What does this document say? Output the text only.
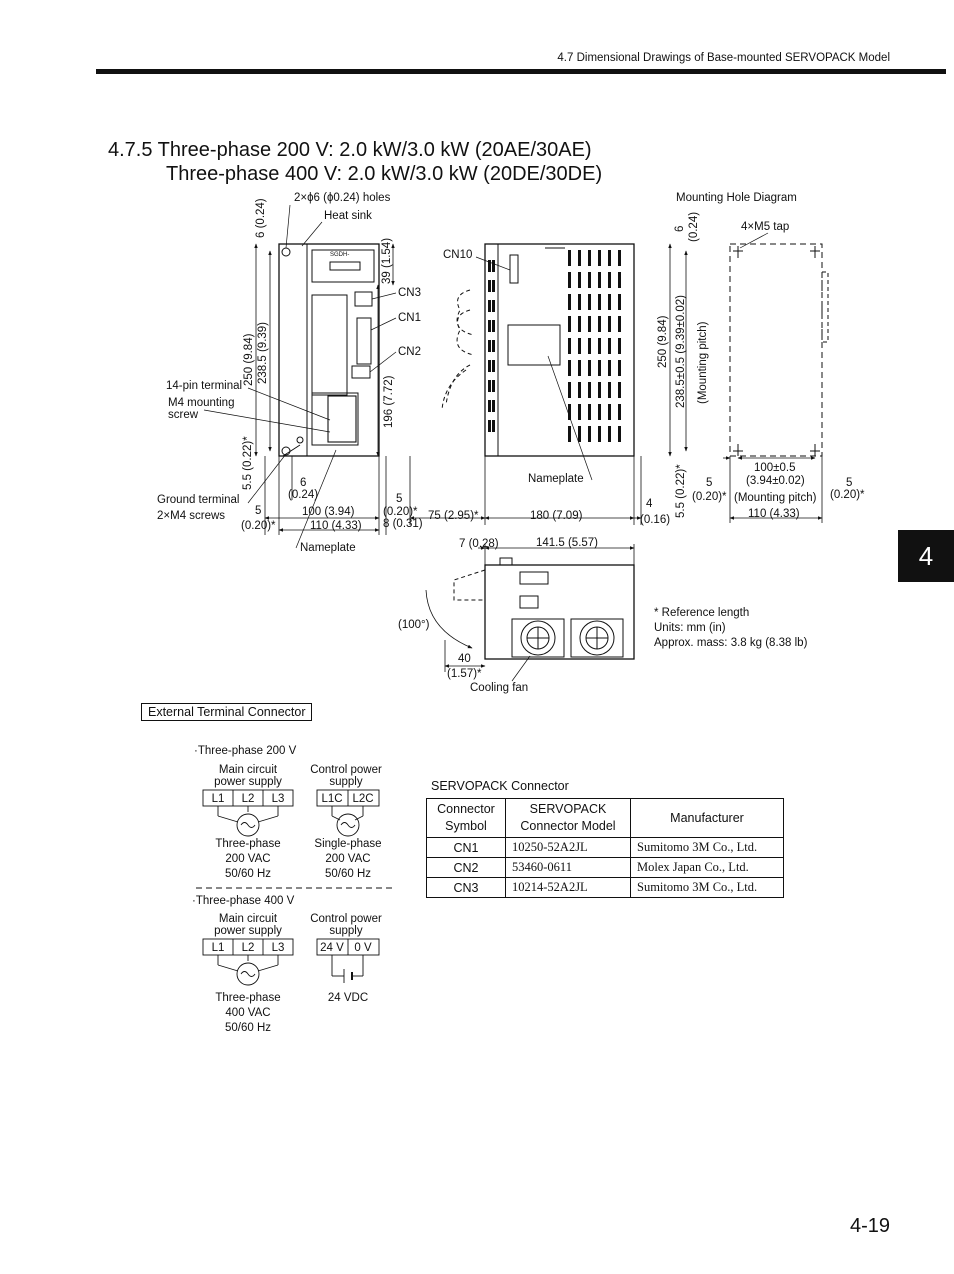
4.7 Dimensional Drawings of Base-mounted SERVOPACK Model
4.7.5 Three-phase 200 V: 2.0 kW/3.0 kW (20AE/30AE)
Three-phase 400 V: 2.0 kW/3.0 kW (20DE/30DE)
4
SGDH-
6 (0.24)
250 (9.84) 238.5 (9.39)
39 (1.54)
196 (7.72)
5.5 (0.22)*
2×ϕ6 (ϕ0.24) holes
Heat sink
CN3
CN1
CN2
14-pin terminal
M4 mounting
screw
6
(0.24)
Ground terminal
2×M4 screws	5
(0.20)*
100 (3.94)
110 (4.33)
5
(0.20)*
8 (0.31)
Nameplate
CN10
Nameplate
75 (2.95)*	180 (7.09)
4
(0.16)
Mounting Hole Diagram
6 (0.24)	4×M5 tap
250 (9.84) 238.5±0.5 (9.39±0.02) (Mounting pitch)
5.5 (0.22)* 5
(0.20)*
100±0.5
(3.94±0.02)
(Mounting pitch)
110 (4.33)
5
(0.20)*
7 (0.28)	141.5 (5.57)
(100°)
40
(1.57)*
Cooling fan
* Reference length
Units: mm (in)
Approx. mass: 3.8 kg (8.38 lb)
External Terminal Connector
·Three-phase 200 V
Main circuit
power supply
Control power
supply
L1 L2 L3	L1C L2C
Three-phase
200 VAC
50/60 Hz
Single-phase
200 VAC
50/60 Hz
·Three-phase 400 V
Main circuit
power supply
Control power
supply
L1 L2 L3	24 V 0 V
Three-phase
400 VAC
50/60 Hz
24 VDC
SERVOPACK Connector
Connector Symbol	SERVOPACK Connector Model	Manufacturer
CN1	10250-52A2JL	Sumitomo 3M Co., Ltd.
CN2	53460-0611	Molex Japan Co., Ltd.
CN3	10214-52A2JL	Sumitomo 3M Co., Ltd.
4-19
